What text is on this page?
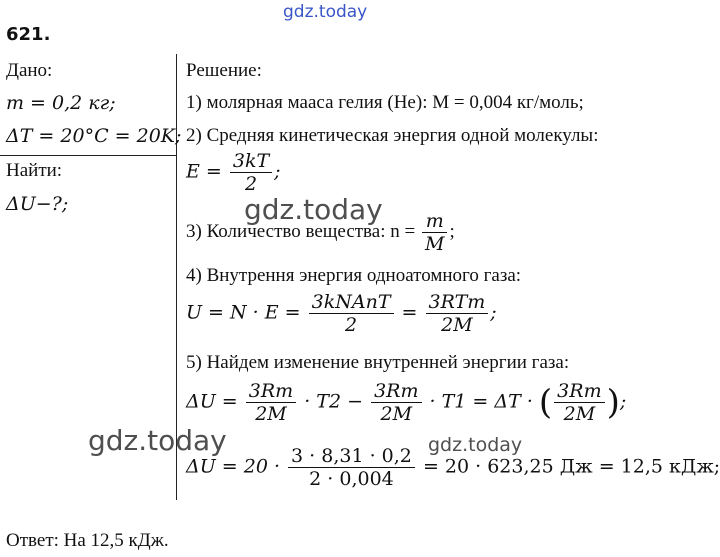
gdz.today
621.
Дано:
m = 0,2 кг;
ΔT = 20°C = 20K;
Найти:
ΔU−?;
Решение:
1) молярная мааса гелия (He): M = 0,004 кг/моль;
2) Средняя кинетическая энергия одной молекулы:
$E = \frac{3kT}{2}$ ;
3) Количество вещества: $n = \frac{m}{M}$ ;
4) Внутрення энергия одноатомного газа:
$U = N \cdot E = \frac{\text{3kNAnT}}{2} = \frac{\text{3RTm}}{2M}$ ;
5) Найдем изменение внутренней энергии газа:
$\Delta U = \frac{3Rm}{2M} \cdot T2 - \frac{3Rm}{2M} \cdot T1 = \Delta T$ · ( $\frac{3Rm}{2M}$ );
$\Delta U = 20 \cdot \frac{3 \cdot 8,31 \cdot 0,2}{2 \cdot 0,004} = 20 \cdot 623,25$ Дж = 12,5 кДж;
Ответ: На 12,5 кДж.
gdz.today
gdz.today	gdz.today
